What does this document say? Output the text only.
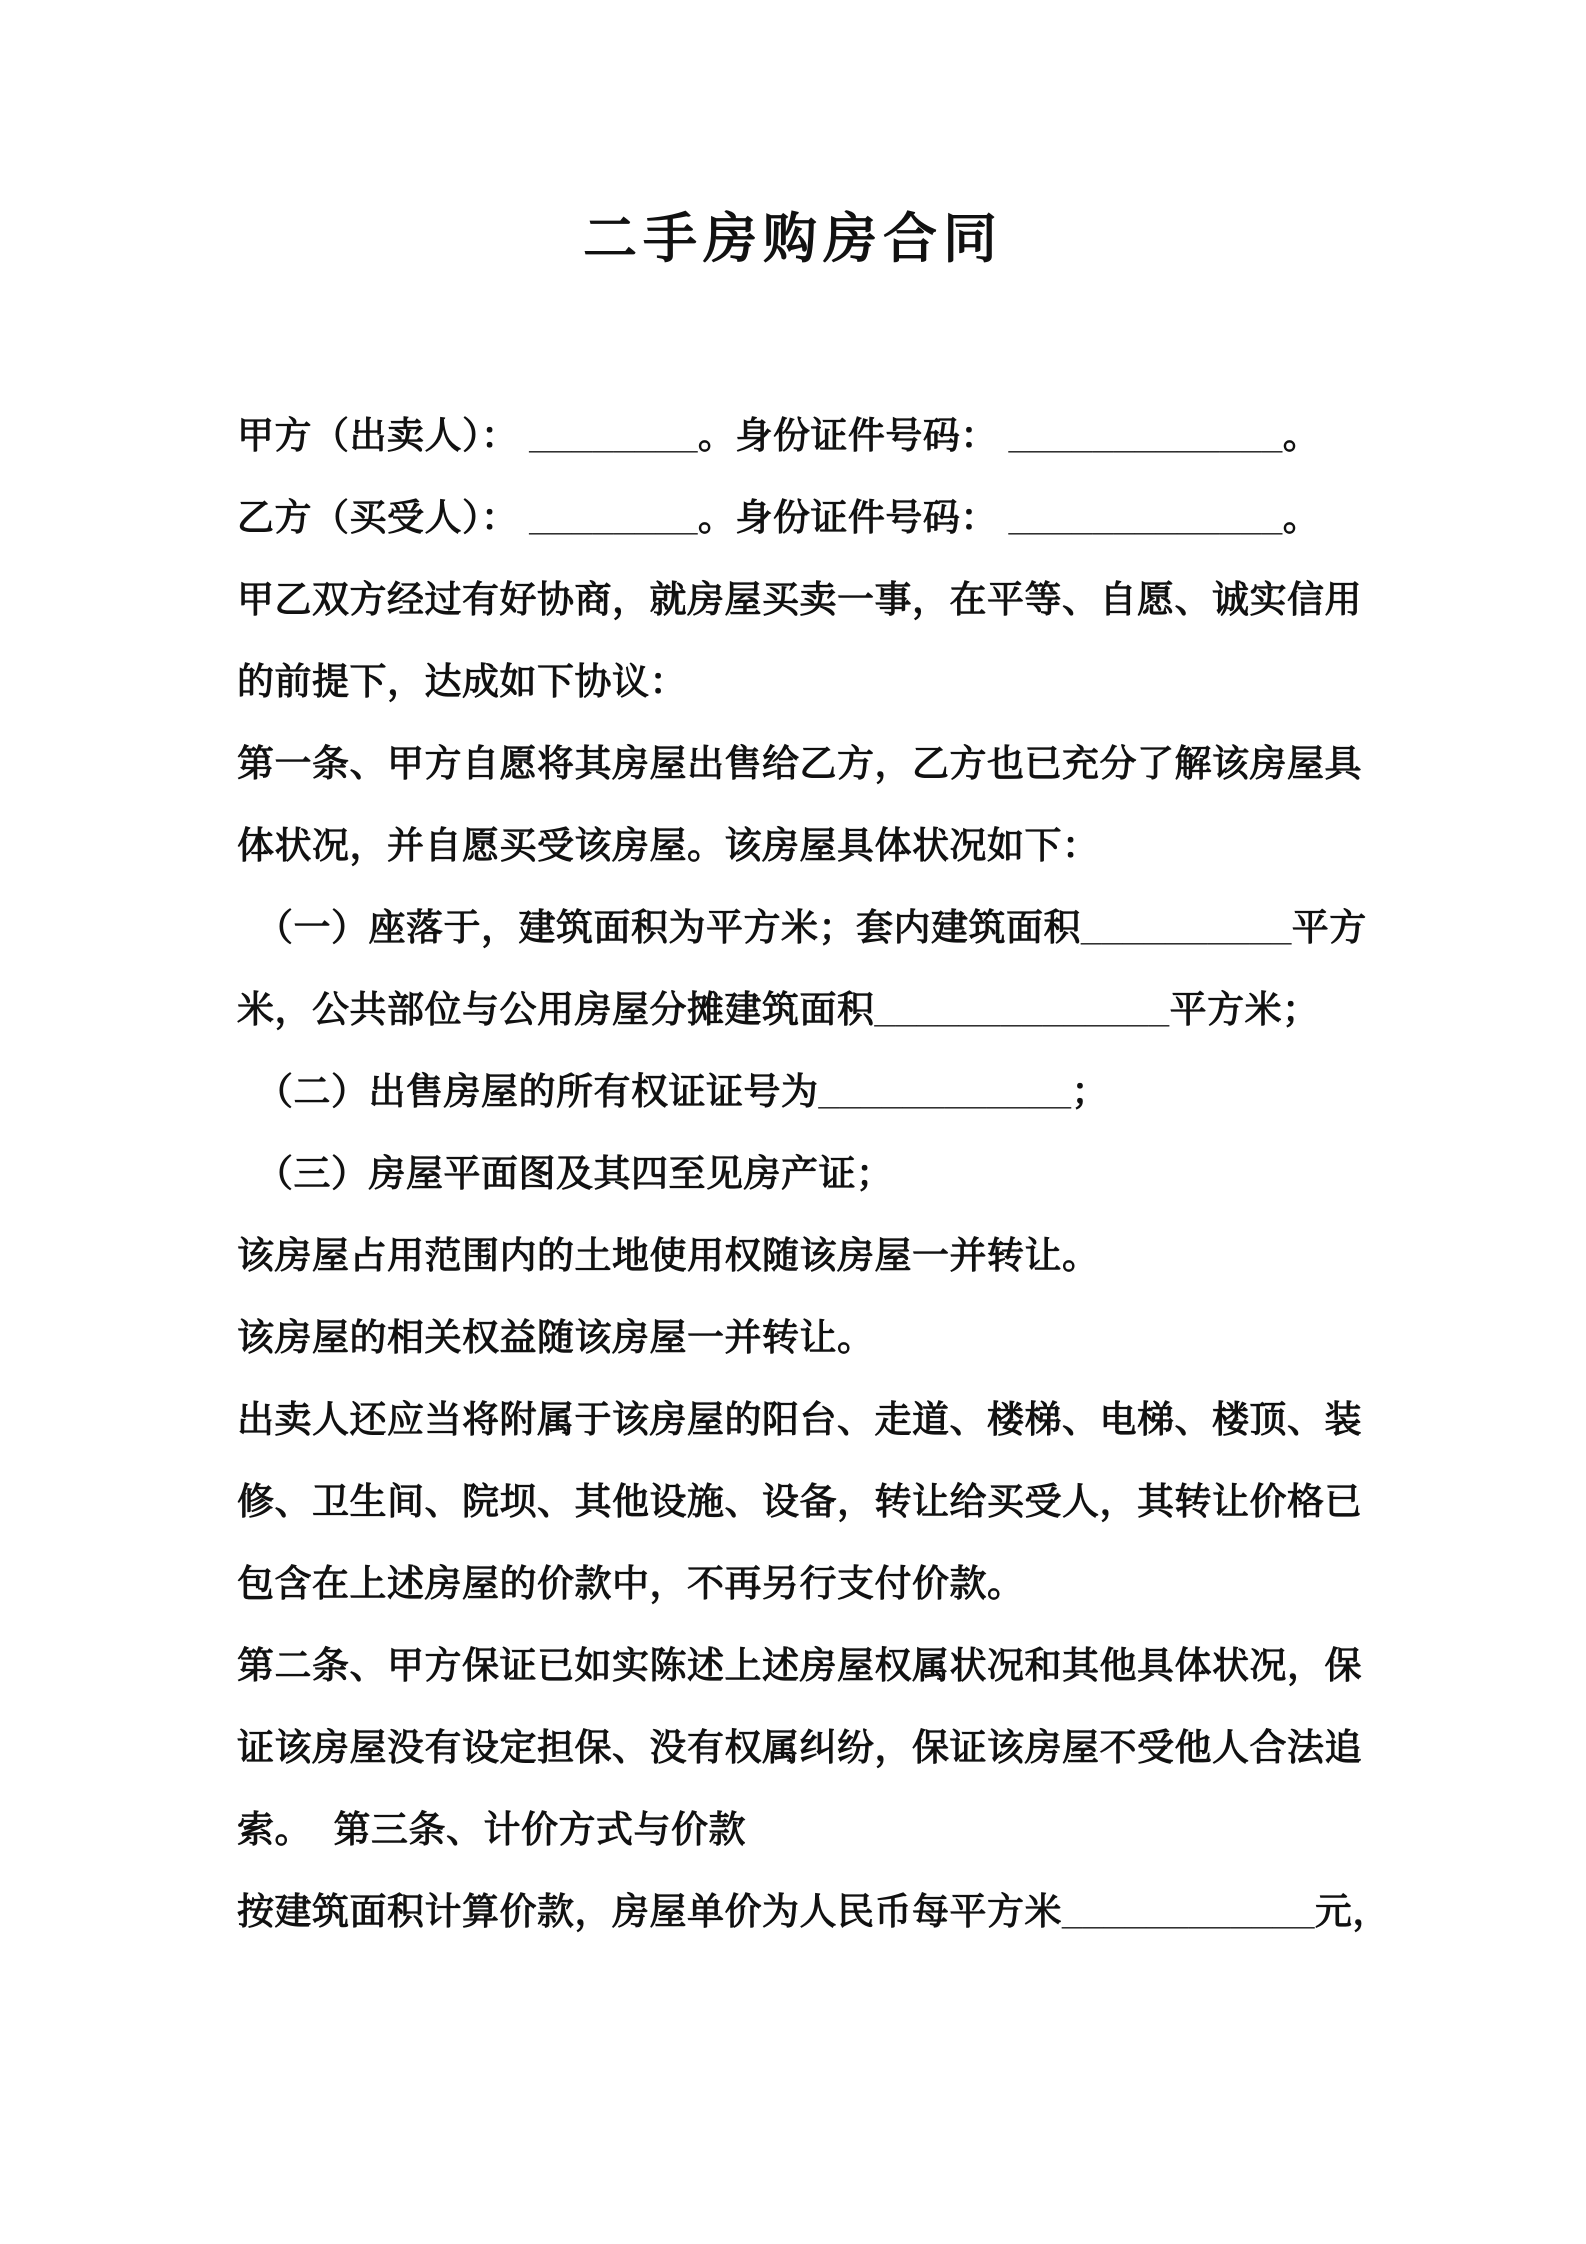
二手房购房合同
甲方（出卖人）： ________。身份证件号码： _____________。
乙方（买受人）： ________。身份证件号码： _____________。
甲乙双方经过有好协商，就房屋买卖一事，在平等、自愿、诚实信用
的前提下，达成如下协议：
第一条、甲方自愿将其房屋出售给乙方，乙方也已充分了解该房屋具
体状况，并自愿买受该房屋。该房屋具体状况如下：
（一）座落于，建筑面积为平方米；套内建筑面积__________平方
米，公共部位与公用房屋分摊建筑面积______________平方米；
（二）出售房屋的所有权证证号为____________；
（三）房屋平面图及其四至见房产证；
该房屋占用范围内的土地使用权随该房屋一并转让。
该房屋的相关权益随该房屋一并转让。
出卖人还应当将附属于该房屋的阳台、走道、楼梯、电梯、楼顶、装
修、卫生间、院坝、其他设施、设备，转让给买受人，其转让价格已
包含在上述房屋的价款中，不再另行支付价款。
第二条、甲方保证已如实陈述上述房屋权属状况和其他具体状况，保
证该房屋没有设定担保、没有权属纠纷，保证该房屋不受他人合法追
索。  第三条、计价方式与价款
按建筑面积计算价款，房屋单价为人民币每平方米____________元，
